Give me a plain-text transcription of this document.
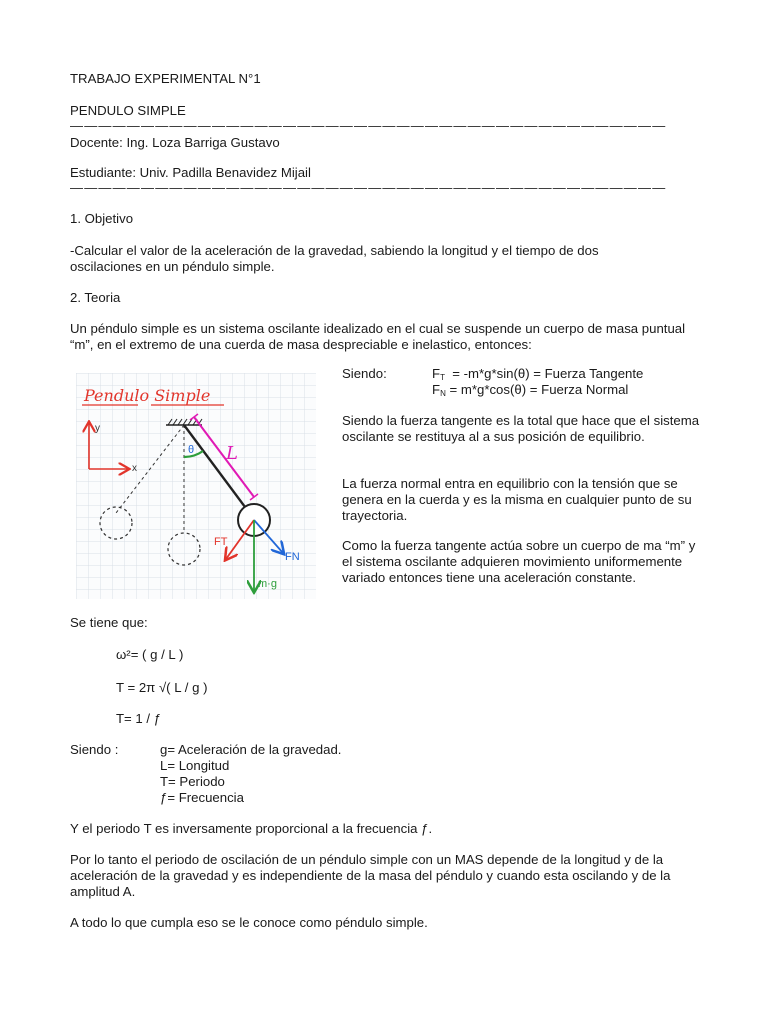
TRABAJO EXPERIMENTAL N°1
PENDULO SIMPLE
——————————————————————————————————————————
Docente: Ing. Loza Barriga Gustavo
Estudiante: Univ. Padilla Benavidez Mijail
——————————————————————————————————————————
1. Objetivo
-Calcular el valor de la aceleración de la gravedad, sabiendo la longitud y el tiempo de dos oscilaciones en un péndulo simple.
2. Teoria
Un péndulo simple es un sistema oscilante idealizado en el cual se suspende un cuerpo de masa puntual “m”, en el extremo de una cuerda de masa despreciable e inelastico, entonces:
Pendulo Simple
y
x
L
θ
FT
FN
m·g
Siendo:	$F_T = -m*g*\sin(\theta)$ = Fuerza Tangente
$F_N = m*g*\cos(\theta)$ = Fuerza Normal
Siendo la fuerza tangente es la total que hace que el sistema oscilante se restituya al a sus posición de equilibrio.
La fuerza normal entra en equilibrio con la tensión que se genera en la cuerda y es la misma en cualquier punto de su trayectoria.
Como la fuerza tangente actúa sobre un cuerpo de ma “m” y el sistema oscilante adquieren movimiento uniformemente variado entonces tiene una aceleración constante.
Se tiene que:
ω²= ( g / L )
T = 2π √( L / g )
T= 1 / ƒ
Siendo :	g= Aceleración de la gravedad.
L= Longitud
T= Periodo
ƒ= Frecuencia
Y el periodo T es inversamente proporcional a la frecuencia ƒ.
Por lo tanto el periodo de oscilación de un péndulo simple con un MAS depende de la longitud y de la aceleración de la gravedad y es independiente de la masa del péndulo y cuando esta oscilando y de la amplitud A.
A todo lo que cumpla eso se le conoce como péndulo simple.
